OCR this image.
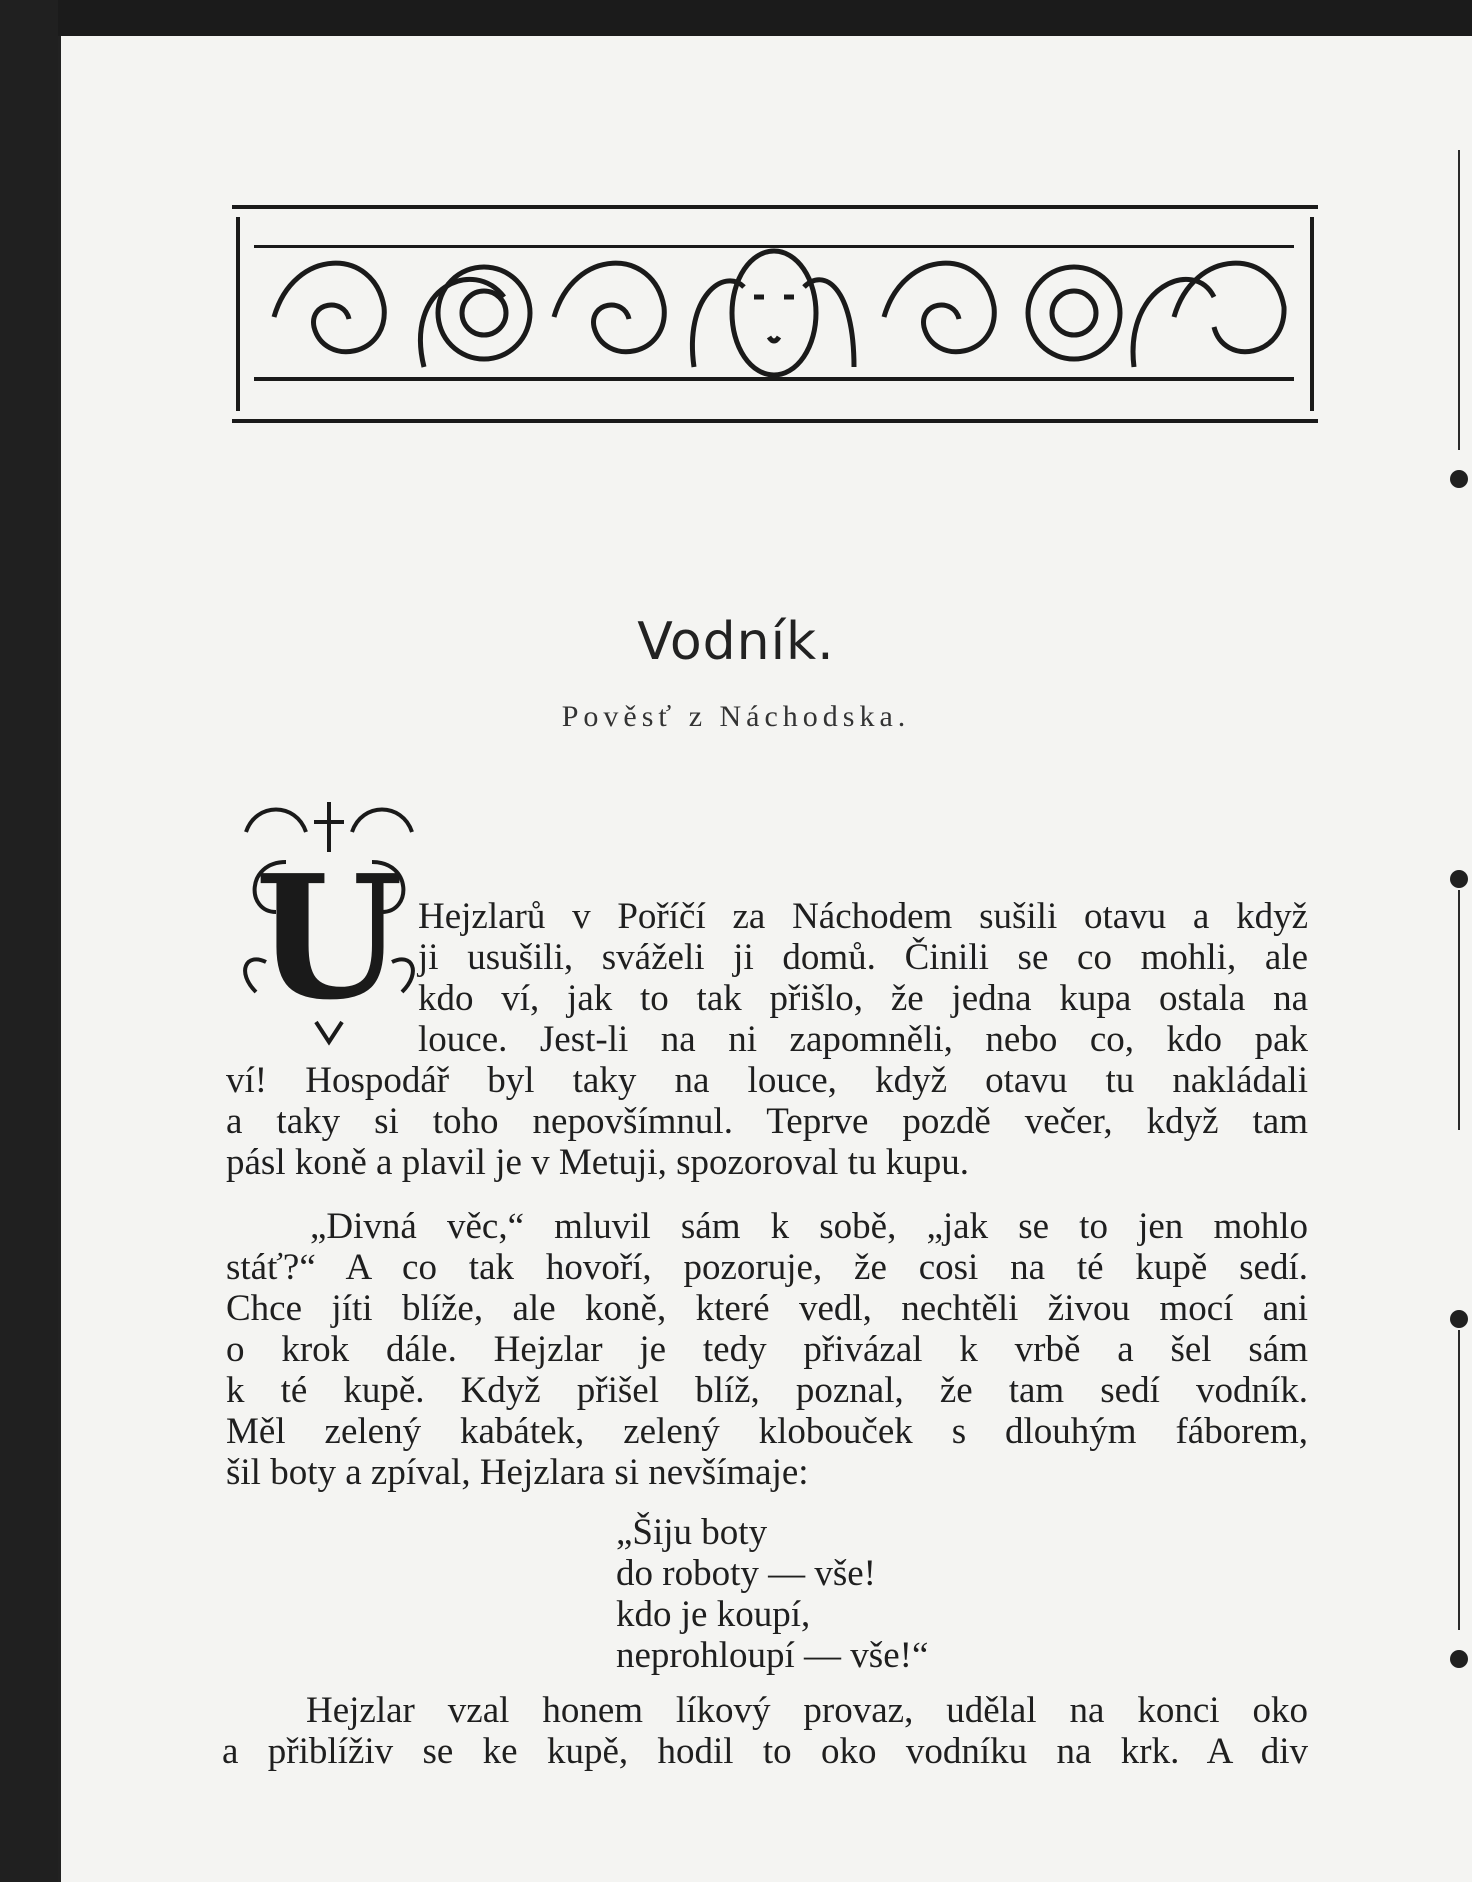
Vodník.
Pověsť z Náchodska.
U Hejzlarů v Poříčí za Náchodem sušili otavu a když
ji usušili, sváželi ji domů. Činili se co mohli, ale
kdo ví, jak to tak přišlo, že jedna kupa ostala na
louce. Jest-li na ni zapomněli, nebo co, kdo pak
ví! Hospodář byl taky na louce, když otavu tu nakládali
a taky si toho nepovšímnul. Teprve pozdě večer, když tam
pásl koně a plavil je v Metuji, spozoroval tu kupu.
„Divná věc,“ mluvil sám k sobě, „jak se to jen mohlo
stáť?“ A co tak hovoří, pozoruje, že cosi na té kupě sedí.
Chce jíti blíže, ale koně, které vedl, nechtěli živou mocí ani
o krok dále. Hejzlar je tedy přivázal k vrbě a šel sám
k té kupě. Když přišel blíž, poznal, že tam sedí vodník.
Měl zelený kabátek, zelený klobouček s dlouhým fáborem,
šil boty a zpíval, Hejzlara si nevšímaje:
„Šiju boty
do roboty — vše!
kdo je koupí,
neprohloupí — vše!“
Hejzlar vzal honem líkový provaz, udělal na konci oko
a přiblíživ se ke kupě, hodil to oko vodníku na krk. A div
